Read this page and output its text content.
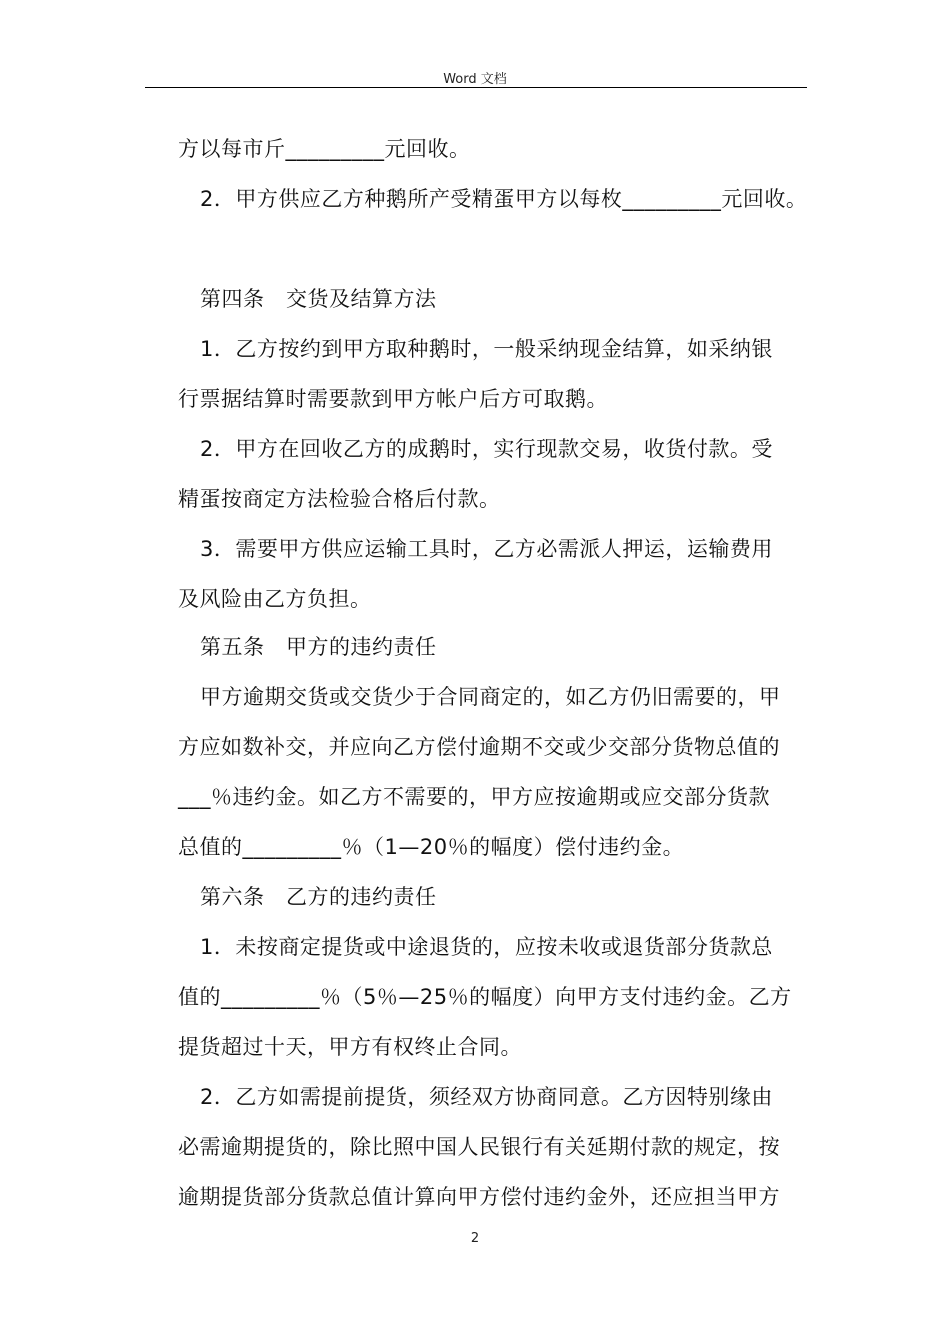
Word 文档
方以每市斤_________元回收。
2．甲方供应乙方种鹅所产受精蛋甲方以每枚_________元回收。
第四条　交货及结算方法
1．乙方按约到甲方取种鹅时，一般采纳现金结算，如采纳银
行票据结算时需要款到甲方帐户后方可取鹅。
2．甲方在回收乙方的成鹅时，实行现款交易，收货付款。受
精蛋按商定方法检验合格后付款。
3．需要甲方供应运输工具时，乙方必需派人押运，运输费用
及风险由乙方负担。
第五条　甲方的违约责任
甲方逾期交货或交货少于合同商定的，如乙方仍旧需要的，甲
方应如数补交，并应向乙方偿付逾期不交或少交部分货物总值的
___％违约金。如乙方不需要的，甲方应按逾期或应交部分货款
总值的_________％（1—20％的幅度）偿付违约金。
第六条　乙方的违约责任
1．未按商定提货或中途退货的，应按未收或退货部分货款总
值的_________％（5％—25％的幅度）向甲方支付违约金。乙方
提货超过十天，甲方有权终止合同。
2．乙方如需提前提货，须经双方协商同意。乙方因特别缘由
必需逾期提货的，除比照中国人民银行有关延期付款的规定，按
逾期提货部分货款总值计算向甲方偿付违约金外，还应担当甲方
2
